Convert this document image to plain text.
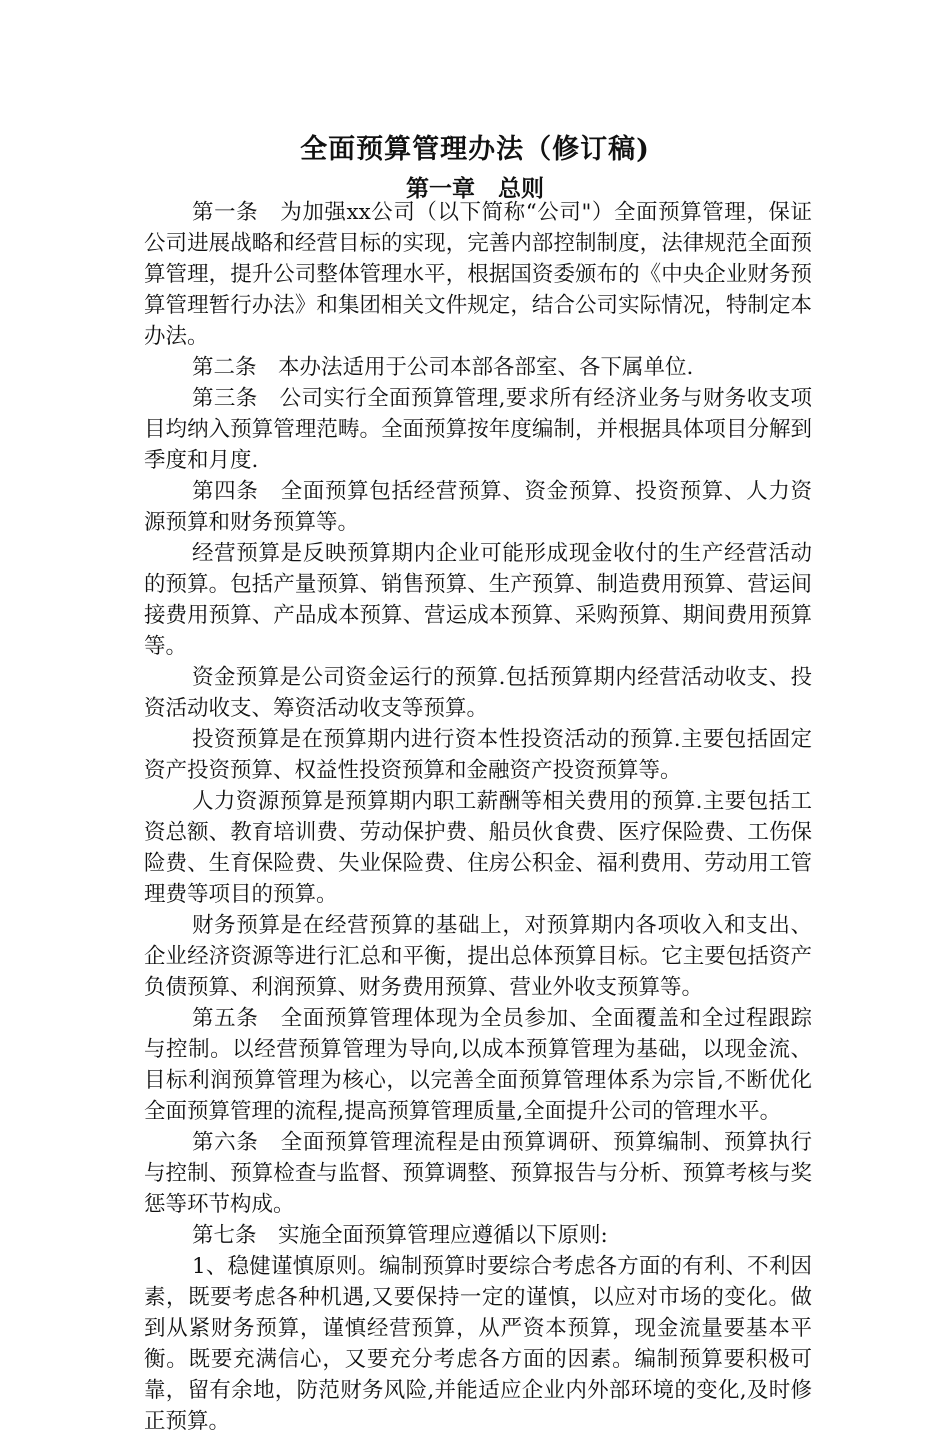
全面预算管理办法（修订稿)
第一章　总则

第一条　为加强xx公司（以下简称“公司"）全面预算管理，保证公司进展战略和经营目标的实现，完善内部控制制度，法律规范全面预算管理，提升公司整体管理水平，根据国资委颁布的《中央企业财务预算管理暂行办法》和集团相关文件规定，结合公司实际情况，特制定本办法。

第二条　本办法适用于公司本部各部室、各下属单位.

第三条　公司实行全面预算管理,要求所有经济业务与财务收支项目均纳入预算管理范畴。全面预算按年度编制，并根据具体项目分解到季度和月度.

第四条　全面预算包括经营预算、资金预算、投资预算、人力资源预算和财务预算等。

经营预算是反映预算期内企业可能形成现金收付的生产经营活动的预算。包括产量预算、销售预算、生产预算、制造费用预算、营运间接费用预算、产品成本预算、营运成本预算、采购预算、期间费用预算等。

资金预算是公司资金运行的预算.包括预算期内经营活动收支、投资活动收支、筹资活动收支等预算。

投资预算是在预算期内进行资本性投资活动的预算.主要包括固定资产投资预算、权益性投资预算和金融资产投资预算等。

人力资源预算是预算期内职工薪酬等相关费用的预算.主要包括工资总额、教育培训费、劳动保护费、船员伙食费、医疗保险费、工伤保险费、生育保险费、失业保险费、住房公积金、福利费用、劳动用工管理费等项目的预算。

财务预算是在经营预算的基础上，对预算期内各项收入和支出、企业经济资源等进行汇总和平衡，提出总体预算目标。它主要包括资产负债预算、利润预算、财务费用预算、营业外收支预算等。

第五条　全面预算管理体现为全员参加、全面覆盖和全过程跟踪与控制。以经营预算管理为导向,以成本预算管理为基础，以现金流、目标利润预算管理为核心，以完善全面预算管理体系为宗旨,不断优化全面预算管理的流程,提高预算管理质量,全面提升公司的管理水平。

第六条　全面预算管理流程是由预算调研、预算编制、预算执行与控制、预算检查与监督、预算调整、预算报告与分析、预算考核与奖惩等环节构成。

第七条　实施全面预算管理应遵循以下原则:

1、稳健谨慎原则。编制预算时要综合考虑各方面的有利、不利因素，既要考虑各种机遇,又要保持一定的谨慎，以应对市场的变化。做到从紧财务预算，谨慎经营预算，从严资本预算，现金流量要基本平衡。既要充满信心，又要充分考虑各方面的因素。编制预算要积极可靠，留有余地，防范财务风险,并能适应企业内外部环境的变化,及时修正预算。
